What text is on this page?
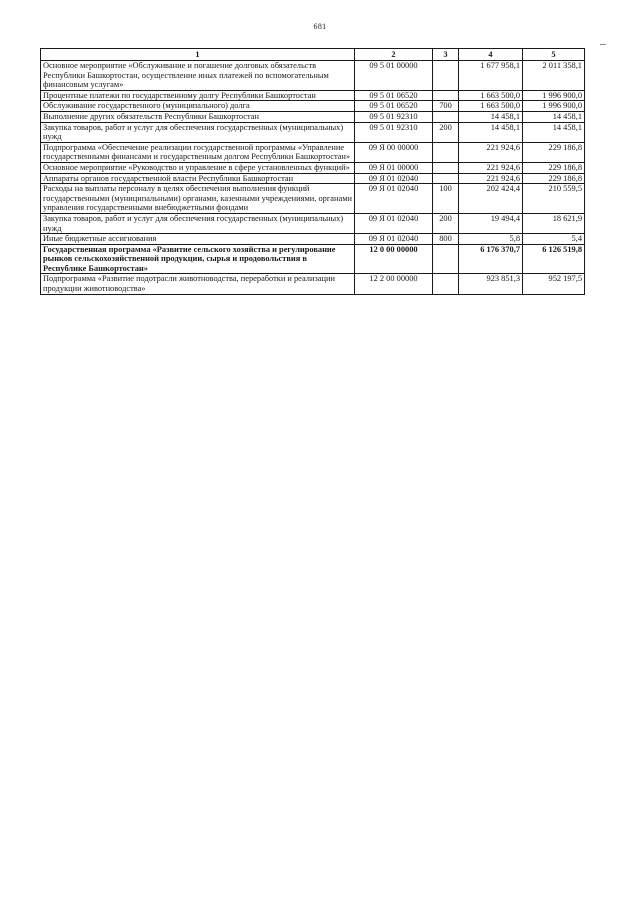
681
1	2	3	4	5
Основное мероприятие «Обслуживание и погашение долговых обязательств Республики Башкортостан, осуществление иных платежей по вспомогательным финансовым услугам»	09 5 01 00000		1 677 958,1	2 011 358,1
Процентные платежи по государственному долгу Республики Башкортостан	09 5 01 06520		1 663 500,0	1 996 900,0
Обслуживание государственного (муниципального) долга	09 5 01 06520	700	1 663 500,0	1 996 900,0
Выполнение других обязательств Республики Башкортостан	09 5 01 92310		14 458,1	14 458,1
Закупка товаров, работ и услуг для обеспечения государственных (муниципальных) нужд	09 5 01 92310	200	14 458,1	14 458,1
Подпрограмма «Обеспечение реализации государственной программы «Управление государственными финансами и государственным долгом Республики Башкортостан»	09 Я 00 00000		221 924,6	229 186,8
Основное мероприятие «Руководство и управление в сфере установленных функций»	09 Я 01 00000		221 924,6	229 186,8
Аппараты органов государственной власти Республики Башкортостан	09 Я 01 02040		221 924,6	229 186,8
Расходы на выплаты персоналу в целях обеспечения выполнения функций государственными (муниципальными) органами, казенными учреждениями, органами управления государственными внебюджетными фондами	09 Я 01 02040	100	202 424,4	210 559,5
Закупка товаров, работ и услуг для обеспечения государственных (муниципальных) нужд	09 Я 01 02040	200	19 494,4	18 621,9
Иные бюджетные ассигнования	09 Я 01 02040	800	5,8	5,4
Государственная программа «Развитие сельского хозяйства и регулирование рынков сельскохозяйственной продукции, сырья и продовольствия в Республике Башкортостан»	12 0 00 00000		6 176 370,7	6 126 519,8
Подпрограмма «Развитие подотрасли животноводства, переработки и реализации продукции животноводства»	12 2 00 00000		923 851,3	952 197,5
